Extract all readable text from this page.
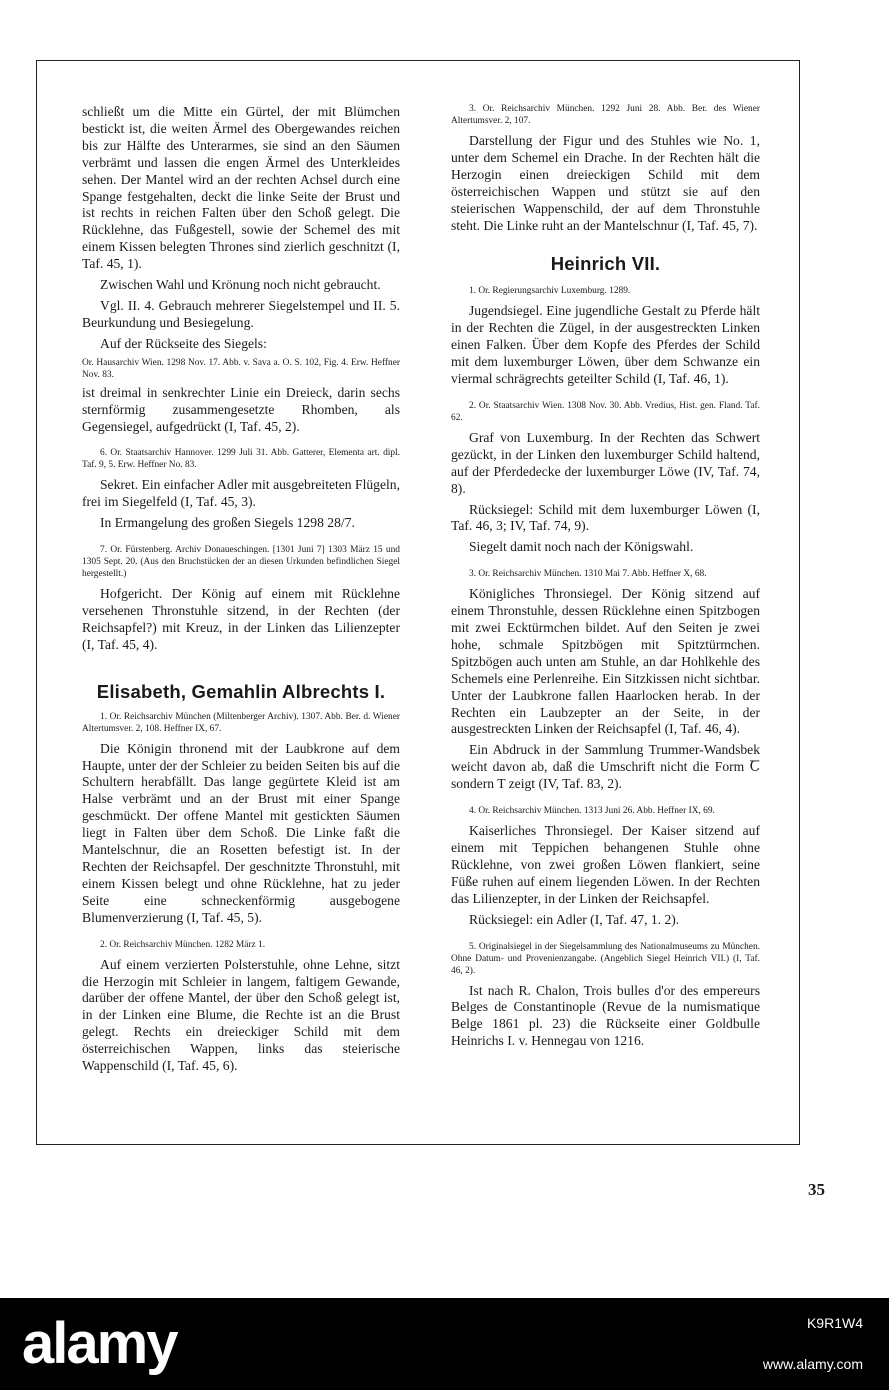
schließt um die Mitte ein Gürtel, der mit Blümchen bestickt ist, die weiten Ärmel des Obergewandes reichen bis zur Hälfte des Unterarmes, sie sind an den Säumen verbrämt und lassen die engen Ärmel des Unterkleides sehen. Der Mantel wird an der rechten Achsel durch eine Spange festgehalten, deckt die linke Seite der Brust und ist rechts in reichen Falten über den Schoß gelegt. Die Rücklehne, das Fußgestell, sowie der Schemel des mit einem Kissen belegten Thrones sind zierlich geschnitzt (I, Taf. 45, 1).

Zwischen Wahl und Krönung noch nicht gebraucht.

Vgl. II. 4. Gebrauch mehrerer Siegelstempel und II. 5. Beurkundung und Besiegelung.

Auf der Rückseite des Siegels:

Or. Hausarchiv Wien. 1298 Nov. 17. Abb. v. Sava a. O. S. 102, Fig. 4. Erw. Heffner Nov. 83.

ist dreimal in senkrechter Linie ein Dreieck, darin sechs sternförmig zusammengesetzte Rhomben, als Gegensiegel, aufgedrückt (I, Taf. 45, 2).

6. Or. Staatsarchiv Hannover. 1299 Juli 31. Abb. Gatterer, Elementa art. dipl. Taf. 9, 5. Erw. Heffner No. 83.

Sekret. Ein einfacher Adler mit ausgebreiteten Flügeln, frei im Siegelfeld (I, Taf. 45, 3).

In Ermangelung des großen Siegels 1298 28/7.

7. Or. Fürstenberg. Archiv Donaueschingen. [1301 Juni 7] 1303 März 15 und 1305 Sept. 20. (Aus den Bruchstücken der an diesen Urkunden befindlichen Siegel hergestellt.)

Hofgericht. Der König auf einem mit Rücklehne versehenen Thronstuhle sitzend, in der Rechten (der Reichsapfel?) mit Kreuz, in der Linken das Lilienzepter (I, Taf. 45, 4).

Elisabeth, Gemahlin Albrechts I.
1. Or. Reichsarchiv München (Miltenberger Archiv). 1307. Abb. Ber. d. Wiener Altertumsver. 2, 108. Heffner IX, 67.

Die Königin thronend mit der Laubkrone auf dem Haupte, unter der der Schleier zu beiden Seiten bis auf die Schultern herabfällt. Das lange gegürtete Kleid ist am Halse verbrämt und an der Brust mit einer Spange geschmückt. Der offene Mantel mit gestickten Säumen liegt in Falten über dem Schoß. Die Linke faßt die Mantelschnur, die an Rosetten befestigt ist. In der Rechten der Reichsapfel. Der geschnitzte Thronstuhl, mit einem Kissen belegt und ohne Rücklehne, hat zu jeder Seite eine schneckenförmig ausgebogene Blumenverzierung (I, Taf. 45, 5).

2. Or. Reichsarchiv München. 1282 März 1.

Auf einem verzierten Polsterstuhle, ohne Lehne, sitzt die Herzogin mit Schleier in langem, faltigem Gewande, darüber der offene Mantel, der über den Schoß gelegt ist, in der Linken eine Blume, die Rechte ist an die Brust gelegt. Rechts ein dreieckiger Schild mit dem österreichischen Wappen, links das steierische Wappenschild (I, Taf. 45, 6).

3. Or. Reichsarchiv München. 1292 Juni 28. Abb. Ber. des Wiener Altertumsver. 2, 107.

Darstellung der Figur und des Stuhles wie No. 1, unter dem Schemel ein Drache. In der Rechten hält die Herzogin einen dreieckigen Schild mit dem österreichischen Wappen und stützt sie auf den steierischen Wappenschild, der auf dem Thronstuhle steht. Die Linke ruht an der Mantelschnur (I, Taf. 45, 7).

Heinrich VII.
1. Or. Regierungsarchiv Luxemburg. 1289.

Jugendsiegel. Eine jugendliche Gestalt zu Pferde hält in der Rechten die Zügel, in der ausgestreckten Linken einen Falken. Über dem Kopfe des Pferdes der Schild mit dem luxemburger Löwen, über dem Schwanze ein viermal schrägrechts geteilter Schild (I, Taf. 46, 1).

2. Or. Staatsarchiv Wien. 1308 Nov. 30. Abb. Vredius, Hist. gen. Fland. Taf. 62.

Graf von Luxemburg. In der Rechten das Schwert gezückt, in der Linken den luxemburger Schild haltend, auf der Pferdedecke der luxemburger Löwe (IV, Taf. 74, 8).

Rücksiegel: Schild mit dem luxemburger Löwen (I, Taf. 46, 3; IV, Taf. 74, 9).

Siegelt damit noch nach der Königswahl.

3. Or. Reichsarchiv München. 1310 Mai 7. Abb. Heffner X, 68.

Königliches Thronsiegel. Der König sitzend auf einem Thronstuhle, dessen Rücklehne einen Spitzbogen mit zwei Ecktürmchen bildet. Auf den Seiten je zwei hohe, schmale Spitzbögen mit Spitztürmchen. Spitzbögen auch unten am Stuhle, an dar Hohlkehle des Schemels eine Perlenreihe. Ein Sitzkissen nicht sichtbar. Unter der Laubkrone fallen Haarlocken herab. In der Rechten ein Laubzepter an der Seite, in der ausgestreckten Linken der Reichsapfel (I, Taf. 46, 4).

Ein Abdruck in der Sammlung Trummer-Wandsbek weicht davon ab, daß die Umschrift nicht die Form Ꞇ sondern T zeigt (IV, Taf. 83, 2).

4. Or. Reichsarchiv München. 1313 Juni 26. Abb. Heffner IX, 69.

Kaiserliches Thronsiegel. Der Kaiser sitzend auf einem mit Teppichen behangenen Stuhle ohne Rücklehne, von zwei großen Löwen flankiert, seine Füße ruhen auf einem liegenden Löwen. In der Rechten das Lilienzepter, in der Linken der Reichsapfel.

Rücksiegel: ein Adler (I, Taf. 47, 1. 2).

5. Originalsiegel in der Siegelsammlung des Nationalmuseums zu München. Ohne Datum- und Provenienzangabe. (Angeblich Siegel Heinrich VII.) (I, Taf. 46, 2).

Ist nach R. Chalon, Trois bulles d'or des empereurs Belges de Constantinople (Revue de la numismatique Belge 1861 pl. 23) die Rückseite einer Goldbulle Heinrichs I. v. Hennegau von 1216.

35
alamy	K9R1W4
www.alamy.com
